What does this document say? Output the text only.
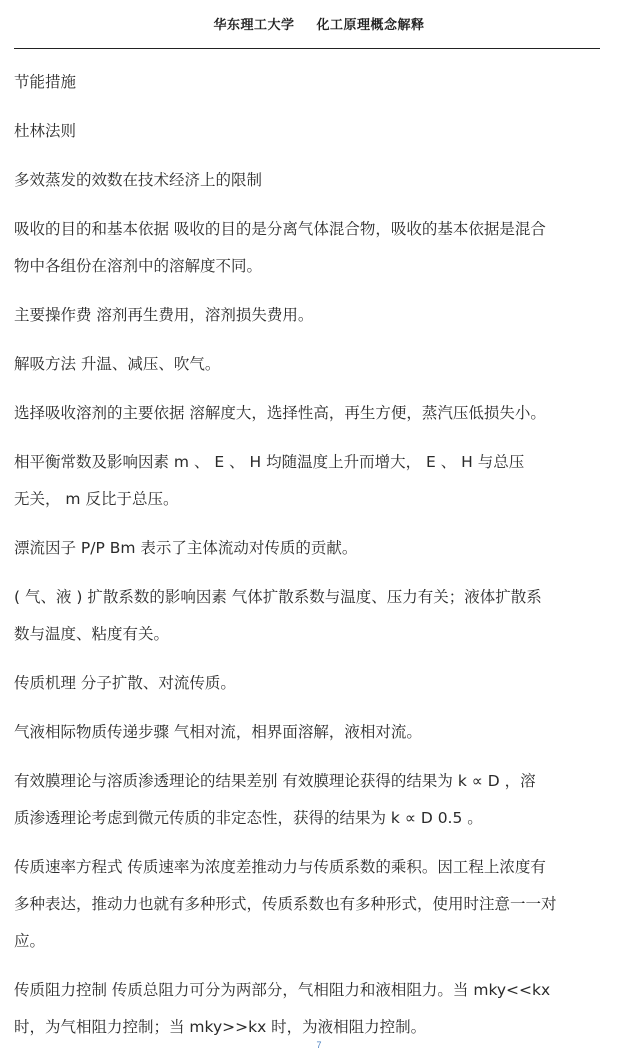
华东理工大学 化工原理概念解释

节能措施

杜林法则

多效蒸发的效数在技术经济上的限制

吸收的目的和基本依据 吸收的目的是分离气体混合物，吸收的基本依据是混合

物中各组份在溶剂中的溶解度不同。

主要操作费 溶剂再生费用，溶剂损失费用。

解吸方法 升温、减压、吹气。

选择吸收溶剂的主要依据 溶解度大，选择性高，再生方便，蒸汽压低损失小。

相平衡常数及影响因素 m 、 E 、 H 均随温度上升而增大， E 、 H 与总压

无关， m 反比于总压。

漂流因子 P/P Bm 表示了主体流动对传质的贡献。

( 气、液 ) 扩散系数的影响因素 气体扩散系数与温度、压力有关；液体扩散系

数与温度、粘度有关。

传质机理 分子扩散、对流传质。

气液相际物质传递步骤 气相对流，相界面溶解，液相对流。

有效膜理论与溶质渗透理论的结果差别 有效膜理论获得的结果为 k ∝ D ，溶

质渗透理论考虑到微元传质的非定态性，获得的结果为 k ∝ D 0.5 。

传质速率方程式 传质速率为浓度差推动力与传质系数的乘积。因工程上浓度有

多种表达，推动力也就有多种形式，传质系数也有多种形式，使用时注意一一对

应。

传质阻力控制 传质总阻力可分为两部分，气相阻力和液相阻力。当 mky<<kx

时，为气相阻力控制；当 mky>>kx 时，为液相阻力控制。

7
